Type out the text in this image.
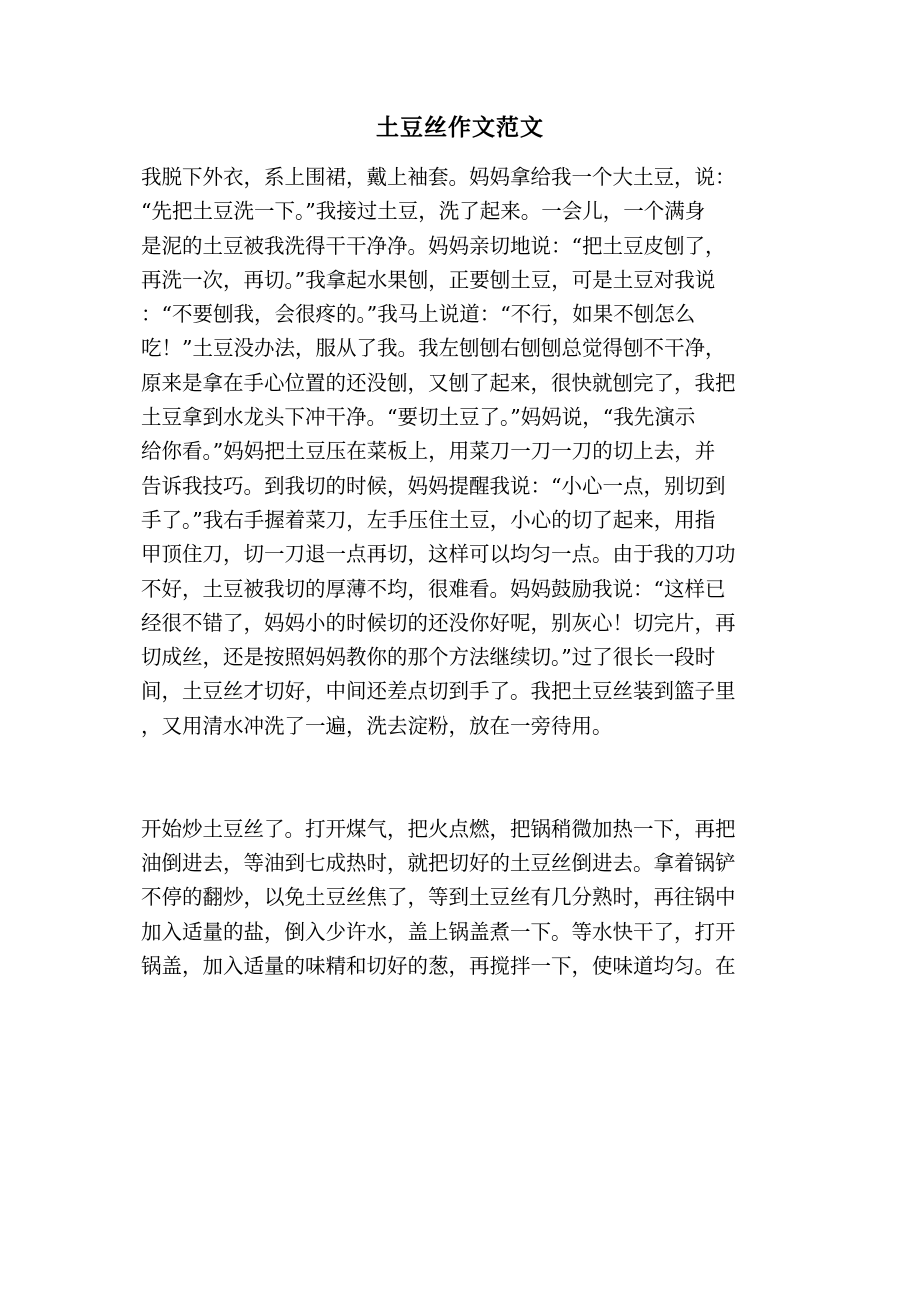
土豆丝作文范文
我脱下外衣，系上围裙，戴上袖套。妈妈拿给我一个大土豆，说：
“先把土豆洗一下。”我接过土豆，洗了起来。一会儿，一个满身
是泥的土豆被我洗得干干净净。妈妈亲切地说：“把土豆皮刨了，
再洗一次，再切。”我拿起水果刨，正要刨土豆，可是土豆对我说
：“不要刨我，会很疼的。”我马上说道：“不行，如果不刨怎么
吃！”土豆没办法，服从了我。我左刨刨右刨刨总觉得刨不干净，
原来是拿在手心位置的还没刨，又刨了起来，很快就刨完了，我把
土豆拿到水龙头下冲干净。“要切土豆了。”妈妈说，“我先演示
给你看。”妈妈把土豆压在菜板上，用菜刀一刀一刀的切上去，并
告诉我技巧。到我切的时候，妈妈提醒我说：“小心一点，别切到
手了。”我右手握着菜刀，左手压住土豆，小心的切了起来，用指
甲顶住刀，切一刀退一点再切，这样可以均匀一点。由于我的刀功
不好，土豆被我切的厚薄不均，很难看。妈妈鼓励我说：“这样已
经很不错了，妈妈小的时候切的还没你好呢，别灰心！切完片，再
切成丝，还是按照妈妈教你的那个方法继续切。”过了很长一段时
间，土豆丝才切好，中间还差点切到手了。我把土豆丝装到篮子里
，又用清水冲洗了一遍，洗去淀粉，放在一旁待用。
开始炒土豆丝了。打开煤气，把火点燃，把锅稍微加热一下，再把
油倒进去，等油到七成热时，就把切好的土豆丝倒进去。拿着锅铲
不停的翻炒，以免土豆丝焦了，等到土豆丝有几分熟时，再往锅中
加入适量的盐，倒入少许水，盖上锅盖煮一下。等水快干了，打开
锅盖，加入适量的味精和切好的葱，再搅拌一下，使味道均匀。在
